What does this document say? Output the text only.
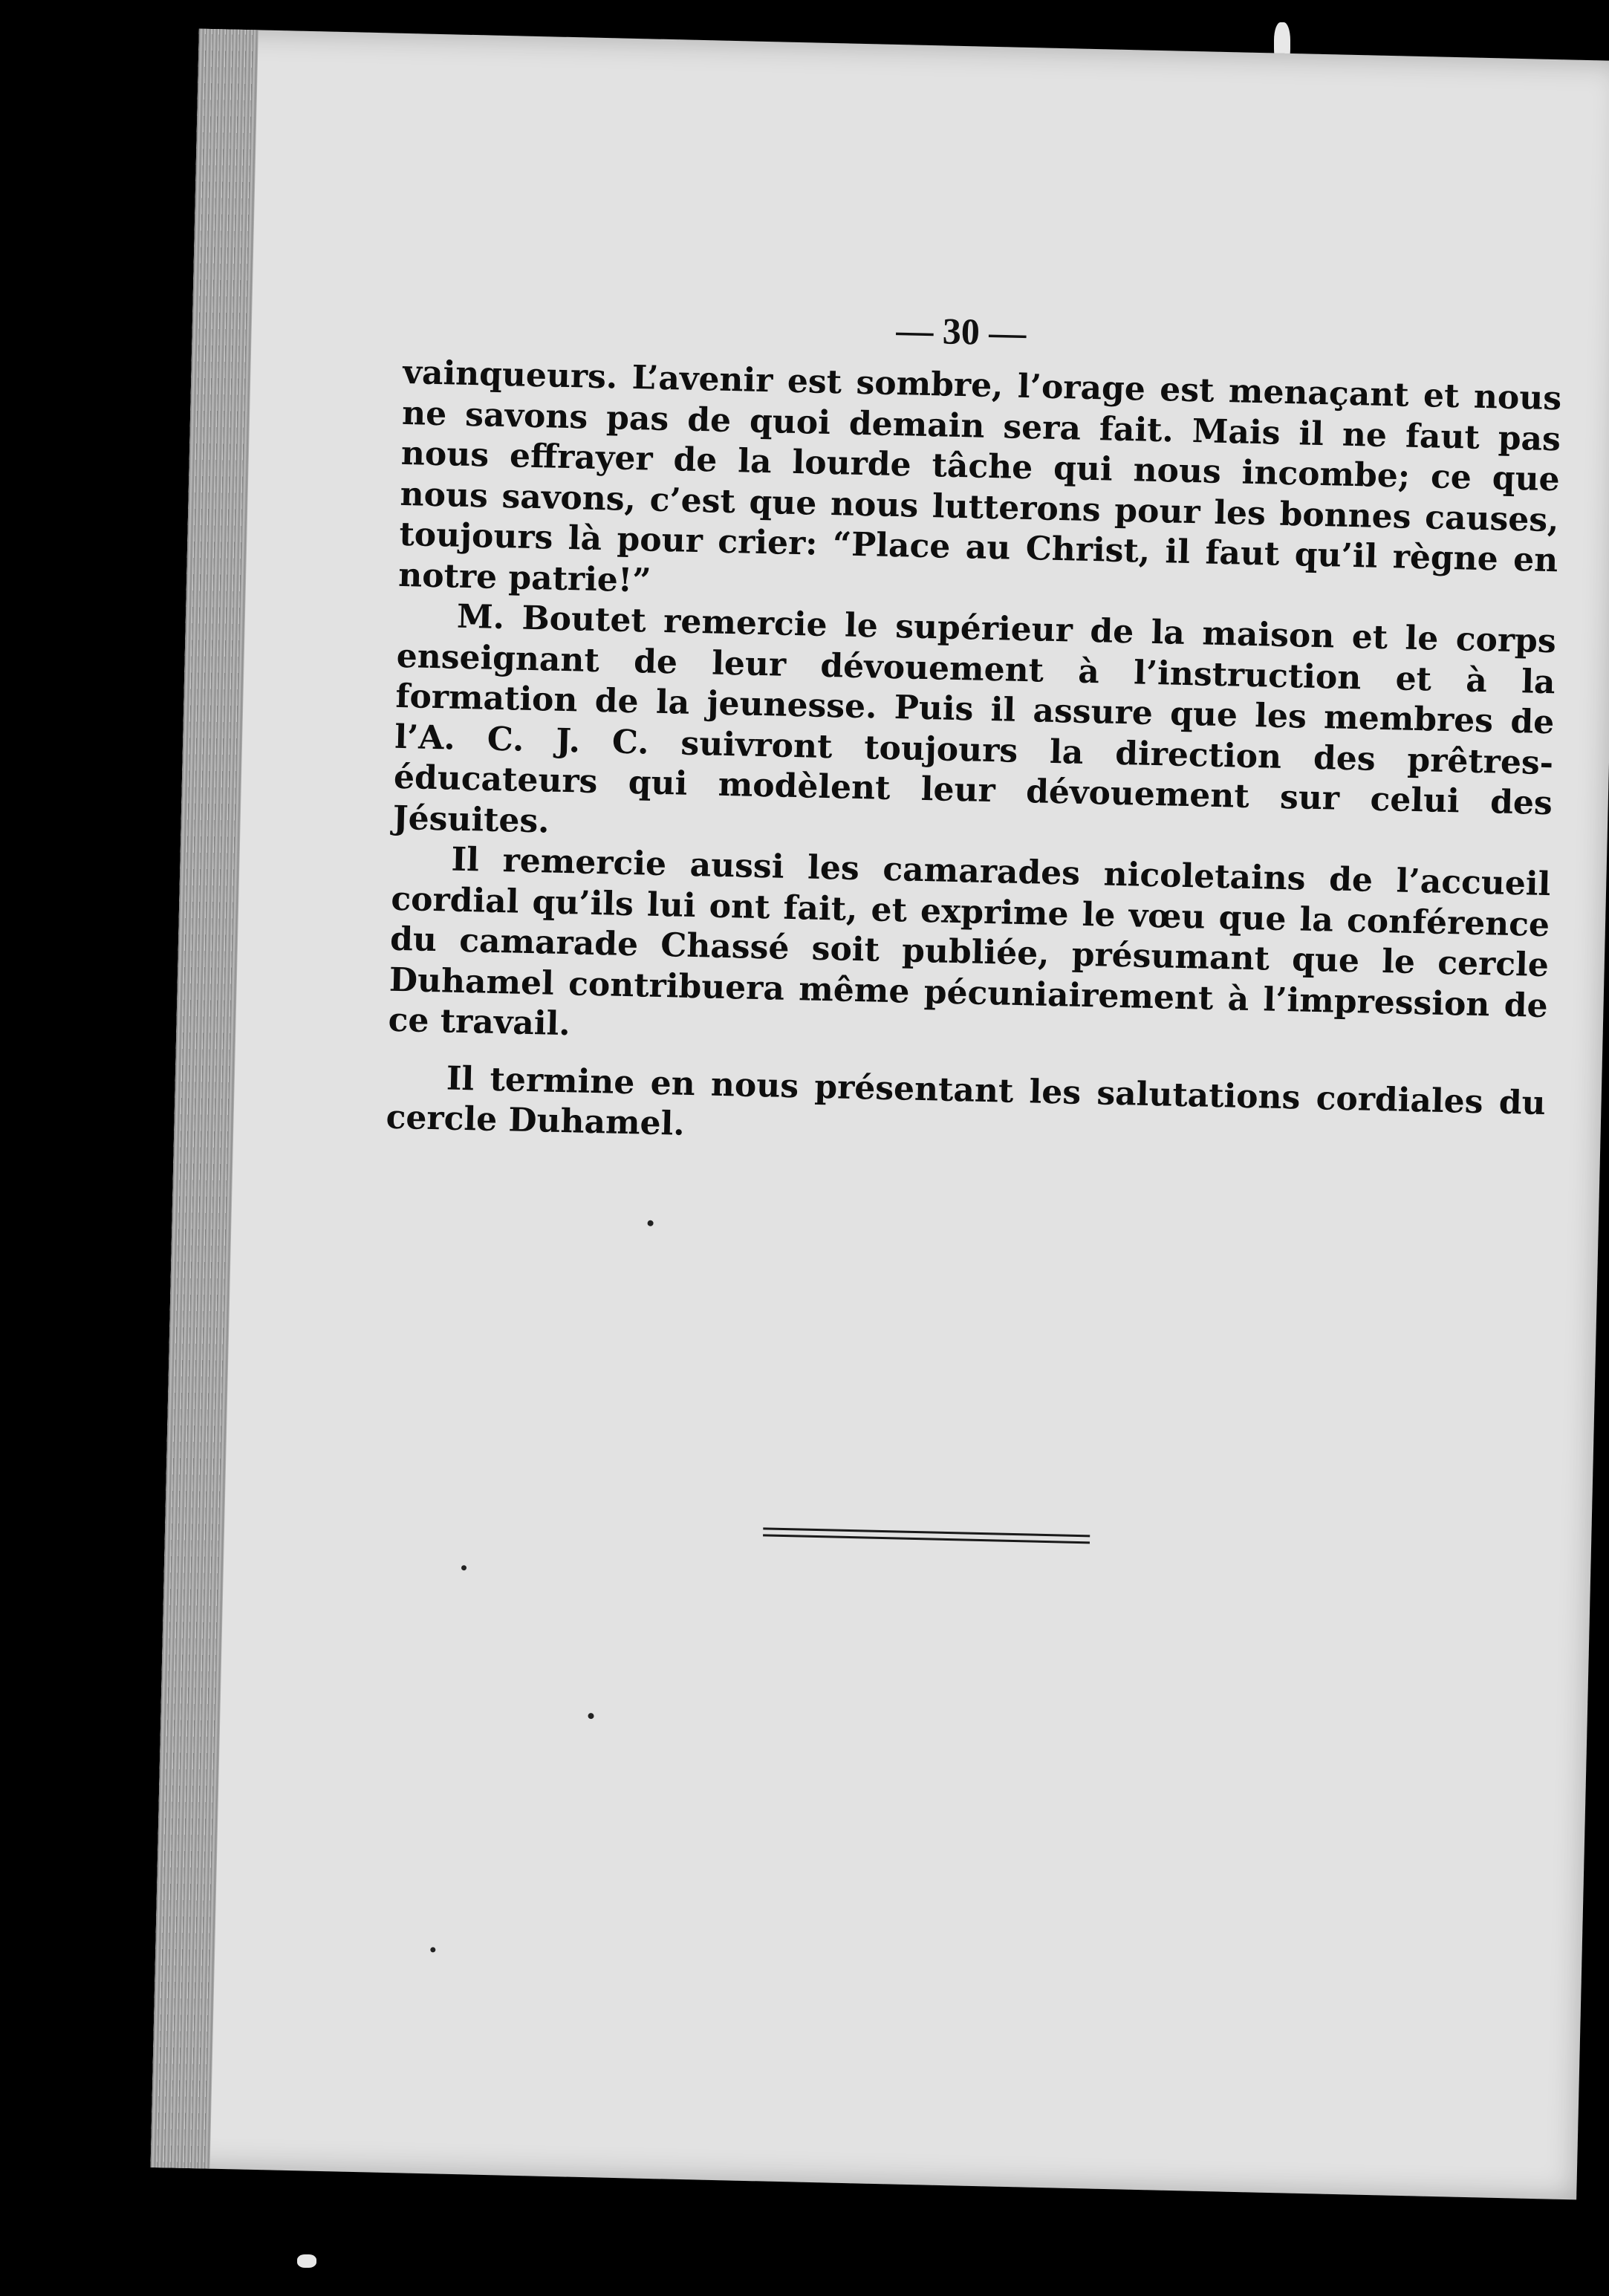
— 30 —

vainqueurs. L’avenir est sombre, l’orage est menaçant et nous ne savons pas de quoi demain sera fait. Mais il ne faut pas nous effrayer de la lourde tâche qui nous incombe; ce que nous savons, c’est que nous lutterons pour les bonnes causes, toujours là pour crier: “Place au Christ, il faut qu’il règne en notre patrie!”

M. Boutet remercie le supérieur de la maison et le corps enseignant de leur dévouement à l’instruction et à la formation de la jeunesse. Puis il assure que les membres de l’A. C. J. C. suivront toujours la direction des prêtres-éducateurs qui modèlent leur dévouement sur celui des Jésuites.

Il remercie aussi les camarades nicoletains de l’accueil cordial qu’ils lui ont fait, et exprime le vœu que la conférence du camarade Chassé soit publiée, présumant que le cercle Duhamel contribuera même pécuniairement à l’impression de ce travail.

Il termine en nous présentant les salutations cordiales du cercle Duhamel.
